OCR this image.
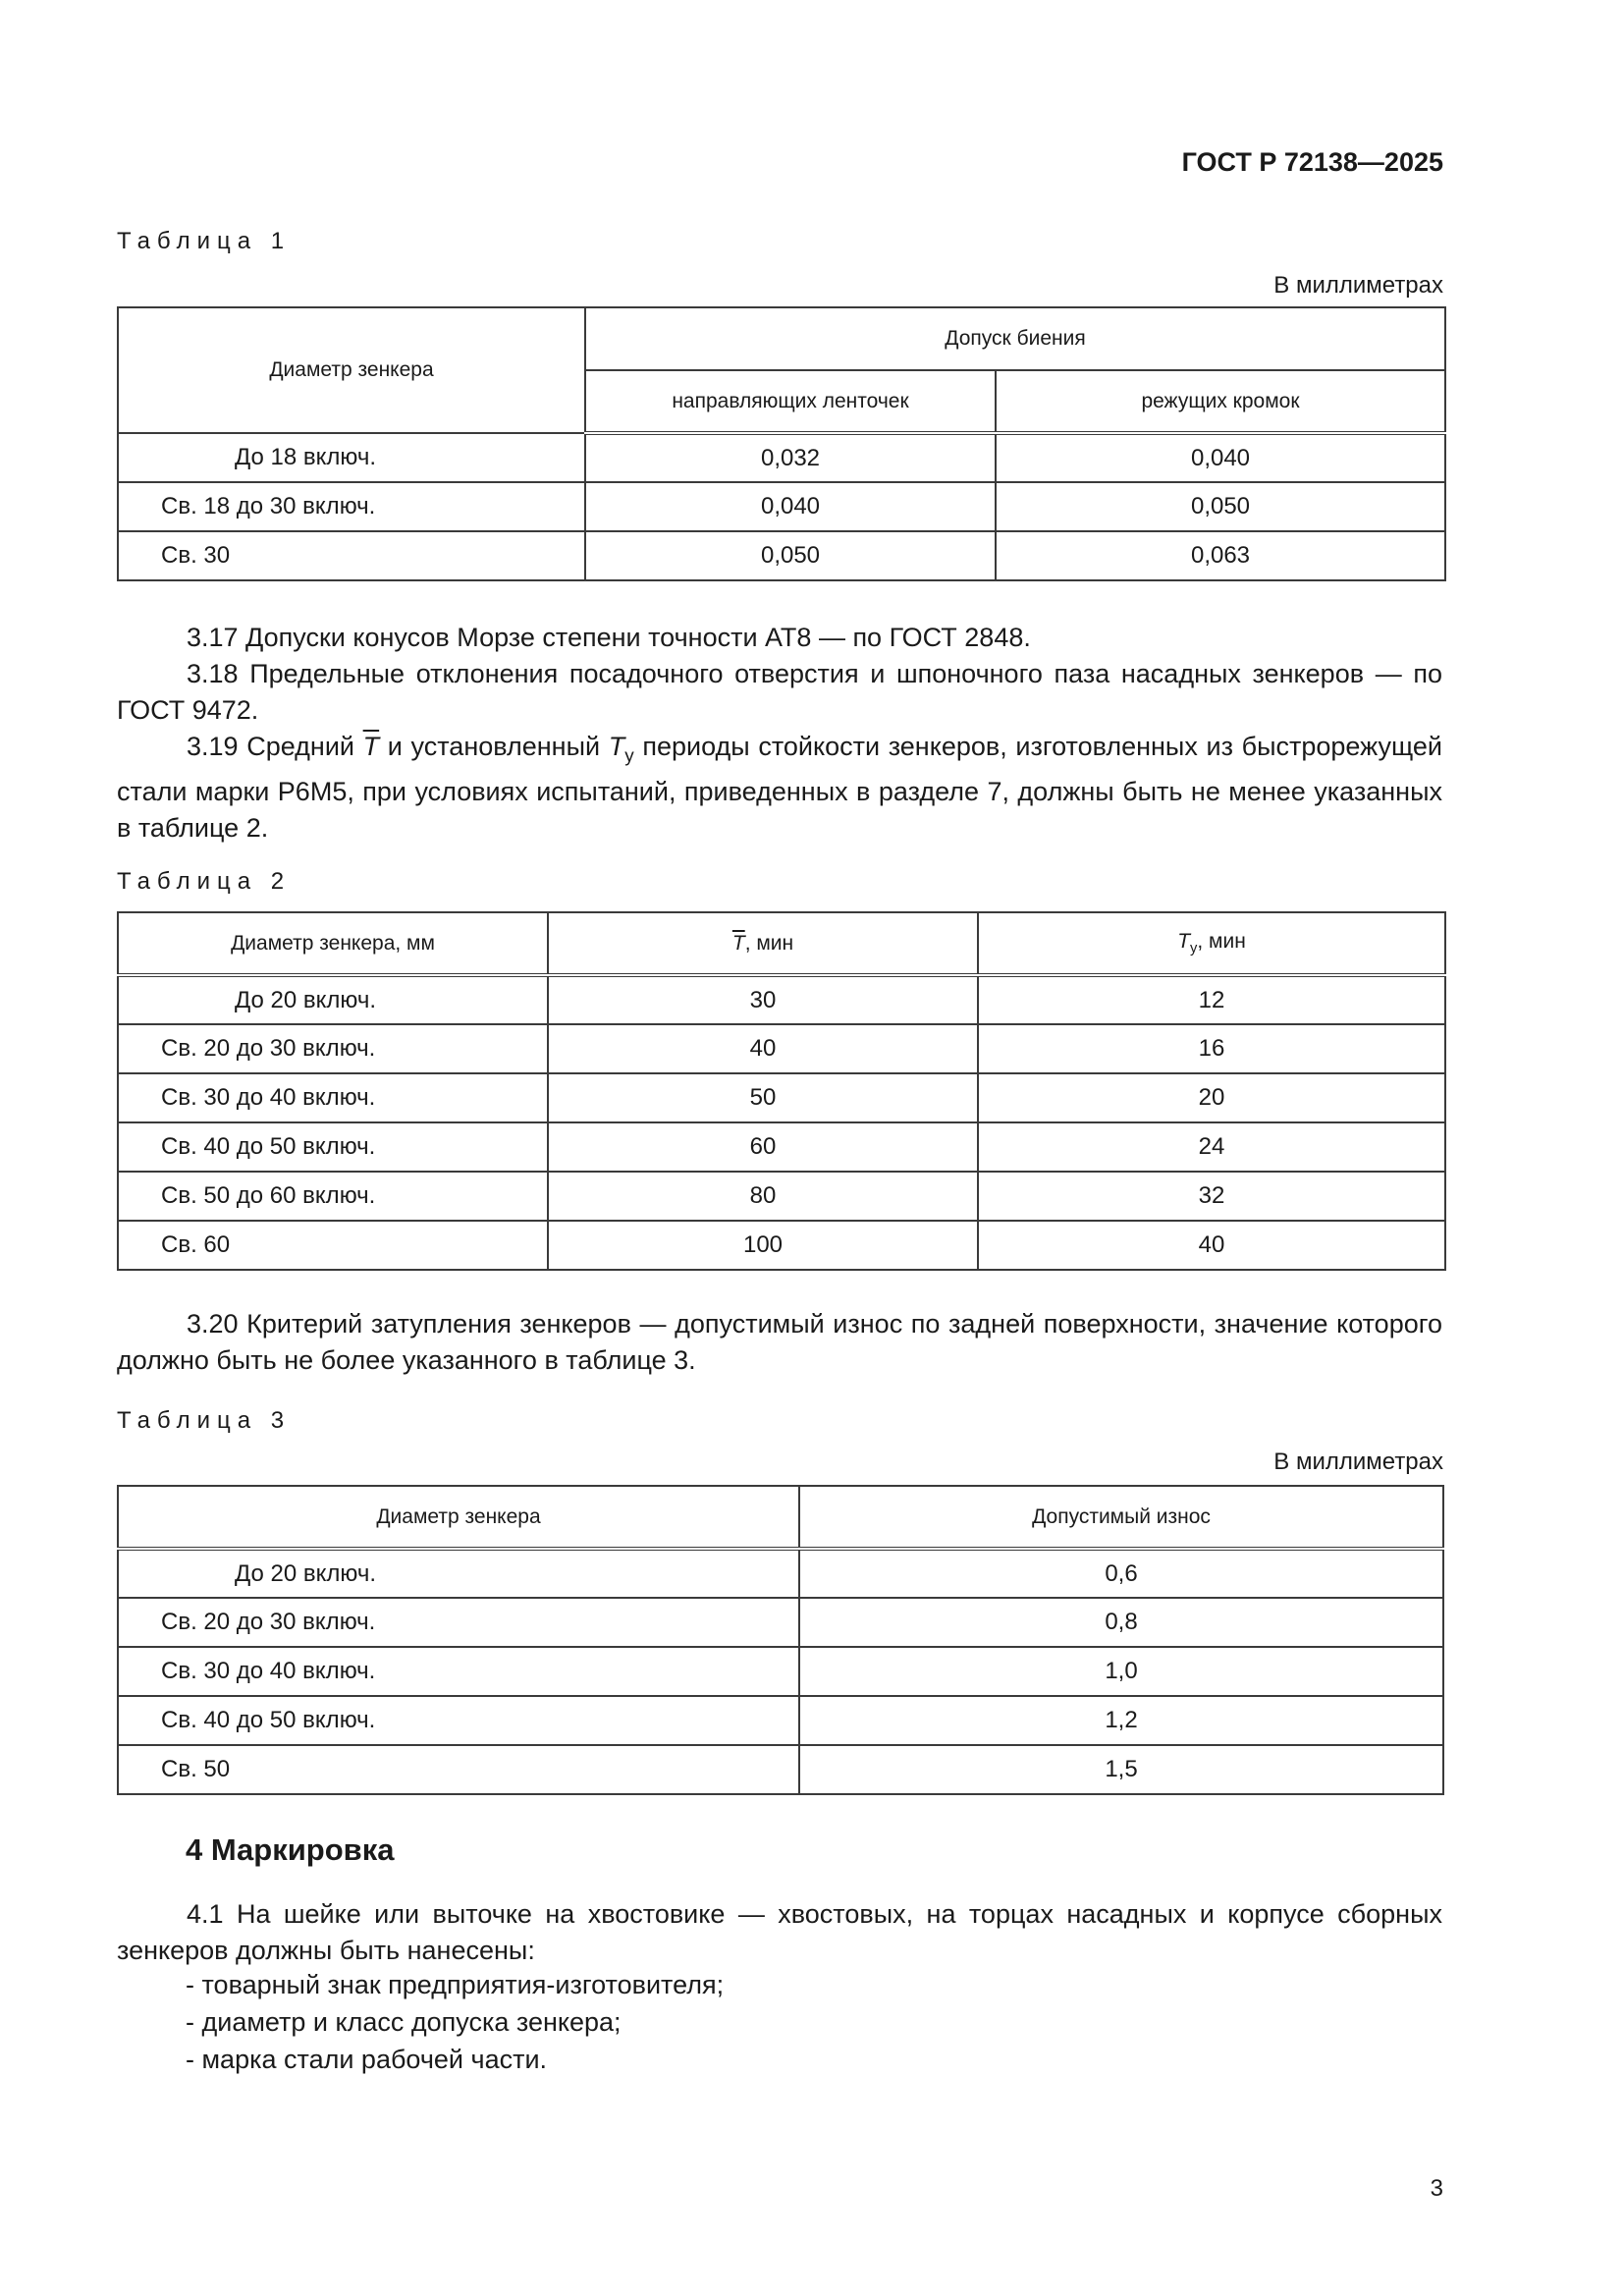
ГОСТ Р 72138—2025
Таблица 1
В миллиметрах
Диаметр зенкера	Допуск биения	
	направляющих ленточек	режущих кромок
До 18 включ.	0,032	0,040
Св. 18 до 30 включ.	0,040	0,050
Св. 30	0,050	0,063
3.17 Допуски конусов Морзе степени точности АТ8 — по ГОСТ 2848.
3.18 Предельные отклонения посадочного отверстия и шпоночного паза насадных зенкеров — по ГОСТ 9472.
3.19 Средний $\overline{T}$ и установленный $T_у$ периоды стойкости зенкеров, изготовленных из быстрорежущей стали марки Р6М5, при условиях испытаний, приведенных в разделе 7, должны быть не менее указанных в таблице 2.
Таблица 2
Диаметр зенкера, мм	$\overline{T}$, мин	$T_у$, мин
До 20 включ.	30	12
Св. 20 до 30 включ.	40	16
Св. 30 до 40 включ.	50	20
Св. 40 до 50 включ.	60	24
Св. 50 до 60 включ.	80	32
Св. 60	100	40
3.20 Критерий затупления зенкеров — допустимый износ по задней поверхности, значение которого должно быть не более указанного в таблице 3.
Таблица 3
В миллиметрах
Диаметр зенкера	Допустимый износ
До 20 включ.	0,6
Св. 20 до 30 включ.	0,8
Св. 30 до 40 включ.	1,0
Св. 40 до 50 включ.	1,2
Св. 50	1,5
4 Маркировка
4.1 На шейке или выточке на хвостовике — хвостовых, на торцах насадных и корпусе сборных зенкеров должны быть нанесены:
- товарный знак предприятия-изготовителя;
- диаметр и класс допуска зенкера;
- марка стали рабочей части.
3
